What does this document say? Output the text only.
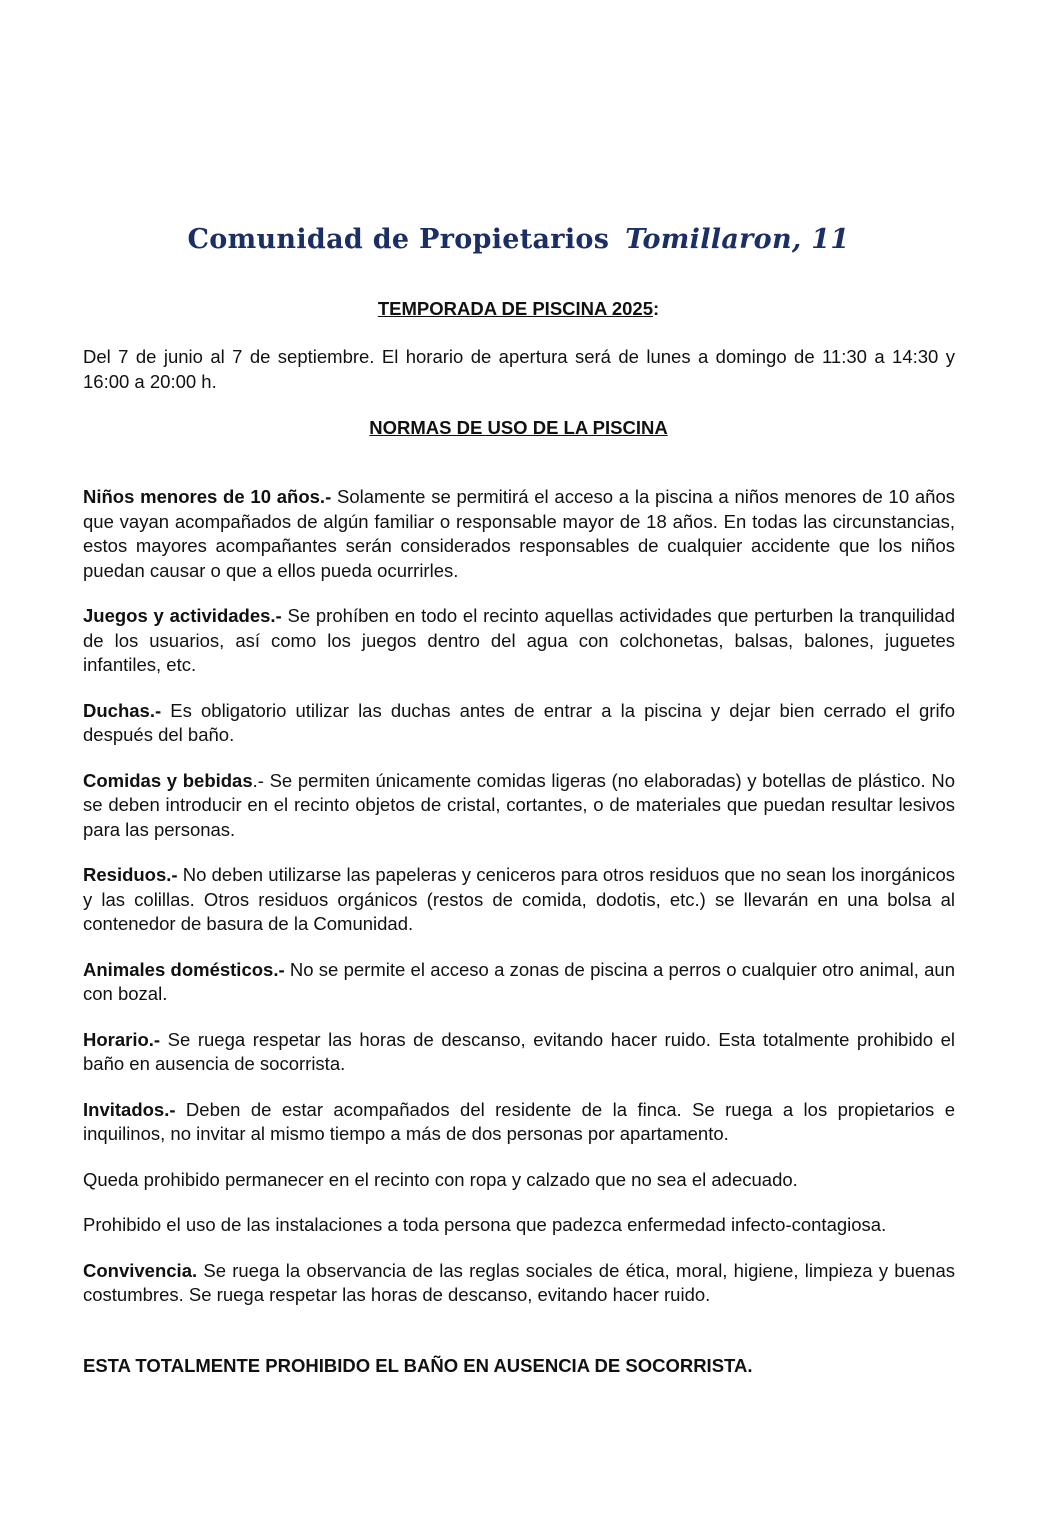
Comunidad de Propietarios Tomillaron, 11
TEMPORADA DE PISCINA 2025:

Del 7 de junio al 7 de septiembre. El horario de apertura será de lunes a domingo de 11:30 a 14:30 y 16:00 a 20:00 h.

NORMAS DE USO DE LA PISCINA

Niños menores de 10 años.- Solamente se permitirá el acceso a la piscina a niños menores de 10 años que vayan acompañados de algún familiar o responsable mayor de 18 años. En todas las circunstancias, estos mayores acompañantes serán considerados responsables de cualquier accidente que los niños puedan causar o que a ellos pueda ocurrirles.

Juegos y actividades.- Se prohíben en todo el recinto aquellas actividades que perturben la tranquilidad de los usuarios, así como los juegos dentro del agua con colchonetas, balsas, balones, juguetes infantiles, etc.

Duchas.- Es obligatorio utilizar las duchas antes de entrar a la piscina y dejar bien cerrado el grifo después del baño.

Comidas y bebidas.- Se permiten únicamente comidas ligeras (no elaboradas) y botellas de plástico. No se deben introducir en el recinto objetos de cristal, cortantes, o de materiales que puedan resultar lesivos para las personas.

Residuos.- No deben utilizarse las papeleras y ceniceros para otros residuos que no sean los inorgánicos y las colillas. Otros residuos orgánicos (restos de comida, dodotis, etc.) se llevarán en una bolsa al contenedor de basura de la Comunidad.

Animales domésticos.- No se permite el acceso a zonas de piscina a perros o cualquier otro animal, aun con bozal.

Horario.- Se ruega respetar las horas de descanso, evitando hacer ruido. Esta totalmente prohibido el baño en ausencia de socorrista.

Invitados.- Deben de estar acompañados del residente de la finca. Se ruega a los propietarios e inquilinos, no invitar al mismo tiempo a más de dos personas por apartamento.

Queda prohibido permanecer en el recinto con ropa y calzado que no sea el adecuado.

Prohibido el uso de las instalaciones a toda persona que padezca enfermedad infecto-contagiosa.

Convivencia. Se ruega la observancia de las reglas sociales de ética, moral, higiene, limpieza y buenas costumbres. Se ruega respetar las horas de descanso, evitando hacer ruido.

ESTA TOTALMENTE PROHIBIDO EL BAÑO EN AUSENCIA DE SOCORRISTA.
